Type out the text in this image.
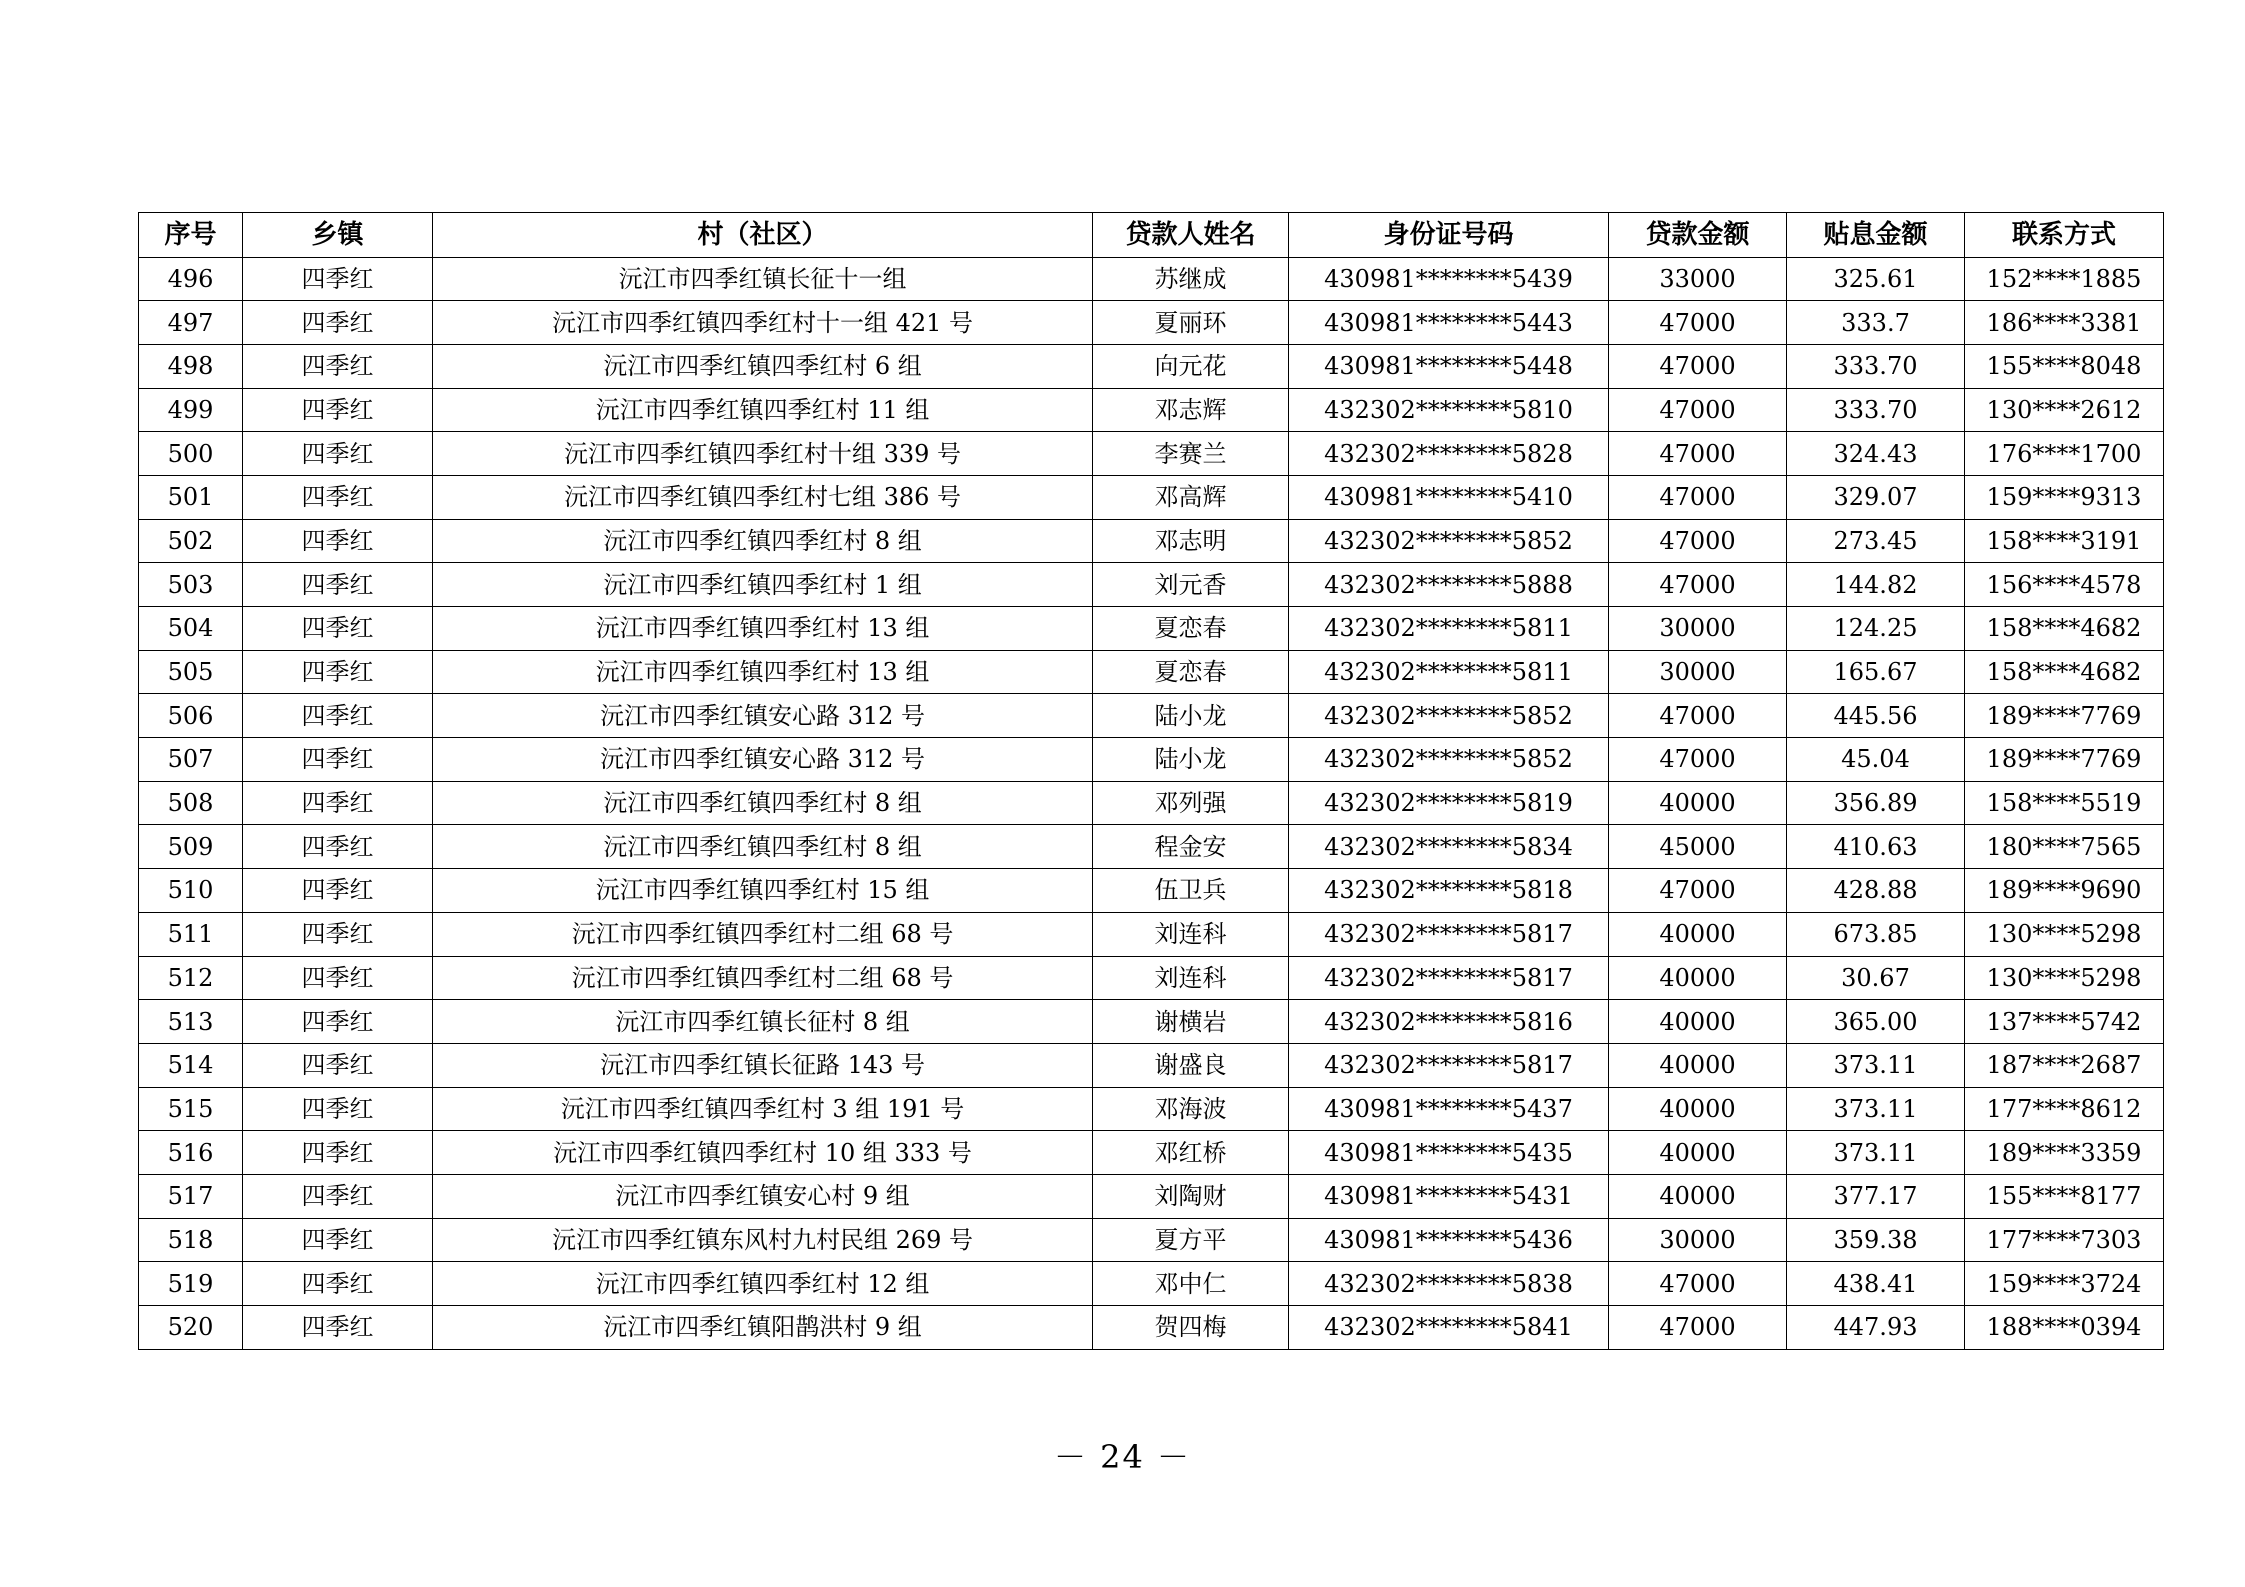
序号	乡镇	村（社区）	贷款人姓名	身份证号码	贷款金额	贴息金额	联系方式
496	四季红	沅江市四季红镇长征十一组	苏继成	430981********5439	33000	325.61	152****1885
497	四季红	沅江市四季红镇四季红村十一组 421 号	夏丽环	430981********5443	47000	333.7	186****3381
498	四季红	沅江市四季红镇四季红村 6 组	向元花	430981********5448	47000	333.70	155****8048
499	四季红	沅江市四季红镇四季红村 11 组	邓志辉	432302********5810	47000	333.70	130****2612
500	四季红	沅江市四季红镇四季红村十组 339 号	李赛兰	432302********5828	47000	324.43	176****1700
501	四季红	沅江市四季红镇四季红村七组 386 号	邓高辉	430981********5410	47000	329.07	159****9313
502	四季红	沅江市四季红镇四季红村 8 组	邓志明	432302********5852	47000	273.45	158****3191
503	四季红	沅江市四季红镇四季红村 1 组	刘元香	432302********5888	47000	144.82	156****4578
504	四季红	沅江市四季红镇四季红村 13 组	夏恋春	432302********5811	30000	124.25	158****4682
505	四季红	沅江市四季红镇四季红村 13 组	夏恋春	432302********5811	30000	165.67	158****4682
506	四季红	沅江市四季红镇安心路 312 号	陆小龙	432302********5852	47000	445.56	189****7769
507	四季红	沅江市四季红镇安心路 312 号	陆小龙	432302********5852	47000	45.04	189****7769
508	四季红	沅江市四季红镇四季红村 8 组	邓列强	432302********5819	40000	356.89	158****5519
509	四季红	沅江市四季红镇四季红村 8 组	程金安	432302********5834	45000	410.63	180****7565
510	四季红	沅江市四季红镇四季红村 15 组	伍卫兵	432302********5818	47000	428.88	189****9690
511	四季红	沅江市四季红镇四季红村二组 68 号	刘连科	432302********5817	40000	673.85	130****5298
512	四季红	沅江市四季红镇四季红村二组 68 号	刘连科	432302********5817	40000	30.67	130****5298
513	四季红	沅江市四季红镇长征村 8 组	谢横岩	432302********5816	40000	365.00	137****5742
514	四季红	沅江市四季红镇长征路 143 号	谢盛良	432302********5817	40000	373.11	187****2687
515	四季红	沅江市四季红镇四季红村 3 组 191 号	邓海波	430981********5437	40000	373.11	177****8612
516	四季红	沅江市四季红镇四季红村 10 组 333 号	邓红桥	430981********5435	40000	373.11	189****3359
517	四季红	沅江市四季红镇安心村 9 组	刘陶财	430981********5431	40000	377.17	155****8177
518	四季红	沅江市四季红镇东风村九村民组 269 号	夏方平	430981********5436	30000	359.38	177****7303
519	四季红	沅江市四季红镇四季红村 12 组	邓中仁	432302********5838	47000	438.41	159****3724
520	四季红	沅江市四季红镇阳鹊洪村 9 组	贺四梅	432302********5841	47000	447.93	188****0394
－ 24 －
